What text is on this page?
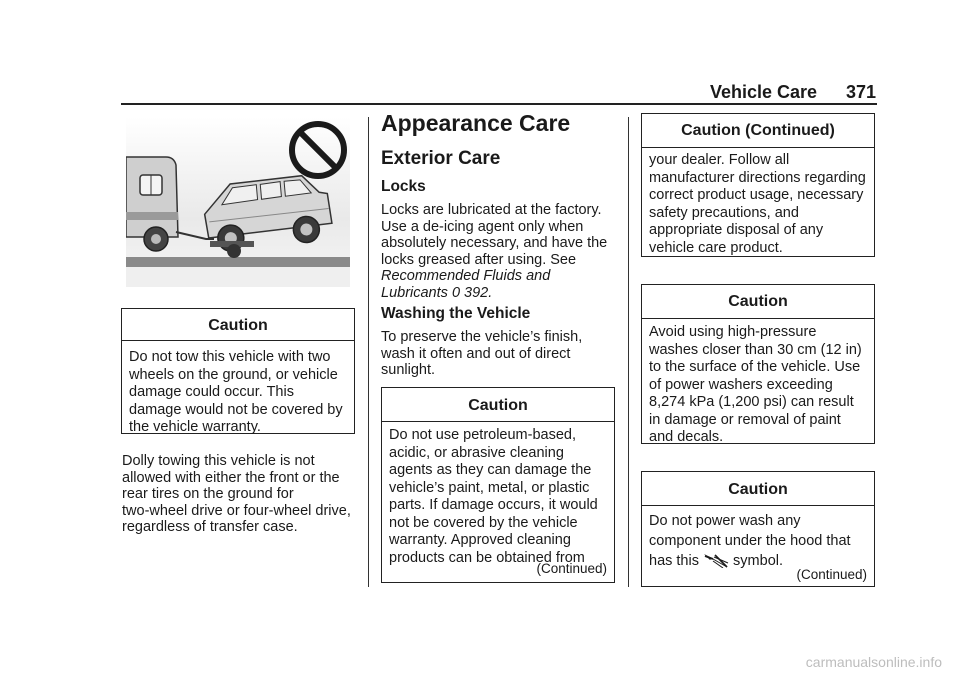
Vehicle Care 371
Caution
Do not tow this vehicle with two
wheels on the ground, or vehicle
damage could occur. This
damage would not be covered by
the vehicle warranty.
Dolly towing this vehicle is not
allowed with either the front or the
rear tires on the ground for
two-wheel drive or four-wheel drive,
regardless of transfer case.
Appearance Care
Exterior Care
Locks
Locks are lubricated at the factory.
Use a de-icing agent only when
absolutely necessary, and have the
locks greased after using. See
Recommended Fluids and
Lubricants 0 392.
Washing the Vehicle
To preserve the vehicle’s finish,
wash it often and out of direct
sunlight.
Caution
Do not use petroleum-based,
acidic, or abrasive cleaning
agents as they can damage the
vehicle’s paint, metal, or plastic
parts. If damage occurs, it would
not be covered by the vehicle
warranty. Approved cleaning
products can be obtained from
(Continued)
Caution (Continued)
your dealer. Follow all
manufacturer directions regarding
correct product usage, necessary
safety precautions, and
appropriate disposal of any
vehicle care product.
Caution
Avoid using high-pressure
washes closer than 30 cm (12 in)
to the surface of the vehicle. Use
of power washers exceeding
8,274 kPa (1,200 psi) can result
in damage or removal of paint
and decals.
Caution
Do not power wash any
component under the hood that
has this symbol.
(Continued)
carmanualsonline.info
